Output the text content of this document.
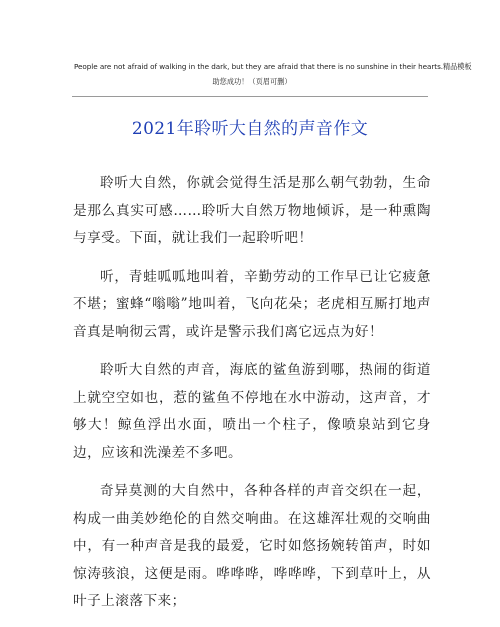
People are not afraid of walking in the dark, but they are afraid that there is no sunshine in their hearts.精品模板
助您成功！（页眉可删）
2021年聆听大自然的声音作文

聆听大自然，你就会觉得生活是那么朝气勃勃，生命是那么真实可感……聆听大自然万物地倾诉，是一种熏陶与享受。下面，就让我们一起聆听吧！

听，青蛙呱呱地叫着，辛勤劳动的工作早已让它疲惫不堪；蜜蜂“嗡嗡”地叫着，飞向花朵；老虎相互厮打地声音真是响彻云霄，或许是警示我们离它远点为好！

聆听大自然的声音，海底的鲨鱼游到哪，热闹的街道上就空空如也，惹的鲨鱼不停地在水中游动，这声音，才够大！鲸鱼浮出水面，喷出一个柱子，像喷泉站到它身边，应该和洗澡差不多吧。

奇异莫测的大自然中，各种各样的声音交织在一起，构成一曲美妙绝伦的自然交响曲。在这雄浑壮观的交响曲中，有一种声音是我的最爱，它时如悠扬婉转笛声，时如惊涛骇浪，这便是雨。哗哗哗，哗哗哗，下到草叶上，从叶子上滚落下来；
